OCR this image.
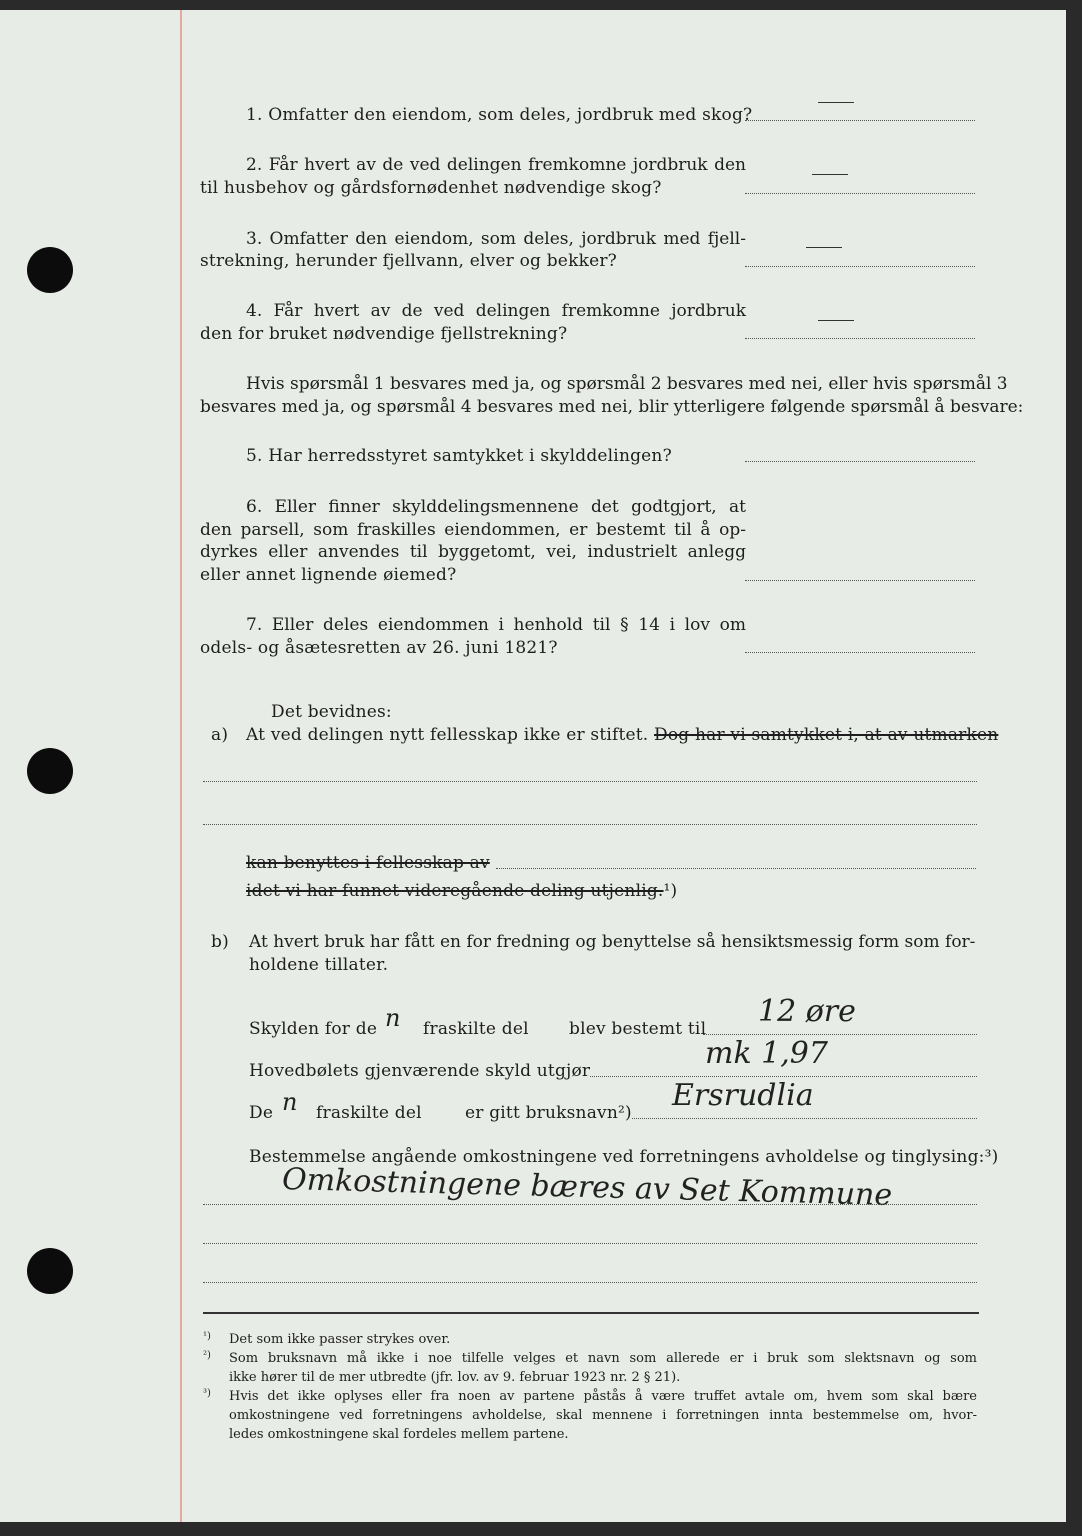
1. Omfatter den eiendom, som deles, jordbruk med skog?
2. Får hvert av de ved delingen fremkomne jordbruk den
til husbehov og gårdsfornødenhet nødvendige skog?
3. Omfatter den eiendom, som deles, jordbruk med fjell-
strekning, herunder fjellvann, elver og bekker?
4. Får hvert av de ved delingen fremkomne jordbruk
den for bruket nødvendige fjellstrekning?
Hvis spørsmål 1 besvares med ja, og spørsmål 2 besvares med nei, eller hvis spørsmål 3
besvares med ja, og spørsmål 4 besvares med nei, blir ytterligere følgende spørsmål å besvare:
5. Har herredsstyret samtykket i skylddelingen?
6. Eller finner skylddelingsmennene det godtgjort, at
den parsell, som fraskilles eiendommen, er bestemt til å op-
dyrkes eller anvendes til byggetomt, vei, industrielt anlegg
eller annet lignende øiemed?
7. Eller deles eiendommen i henhold til § 14 i lov om
odels- og åsætesretten av 26. juni 1821?
Det bevidnes:
a) At ved delingen nytt fellesskap ikke er stiftet. Dog har vi samtykket i, at av utmarken
kan benyttes i fellesskap av
idet vi har funnet videregående deling utjenlig.¹)
b) At hvert bruk har fått en for fredning og benyttelse så hensiktsmessig form som for-
holdene tillater.
Skylden for de n fraskilte del blev bestemt til 12 øre
Hovedbølets gjenværende skyld utgjør	mk 1,97
De n fraskilte del	er gitt bruksnavn²) Ersrudlia
Bestemmelse angående omkostningene ved forretningens avholdelse og tinglysing:³)
Omkostningene bæres av Set Kommune
¹) Det som ikke passer strykes over.
²) Som bruksnavn må ikke i noe tilfelle velges et navn som allerede er i bruk som slektsnavn og som
ikke hører til de mer utbredte (jfr. lov. av 9. februar 1923 nr. 2 § 21).
³) Hvis det ikke oplyses eller fra noen av partene påstås å være truffet avtale om, hvem som skal bære
omkostningene ved forretningens avholdelse, skal mennene i forretningen innta bestemmelse om, hvor-
ledes omkostningene skal fordeles mellem partene.
